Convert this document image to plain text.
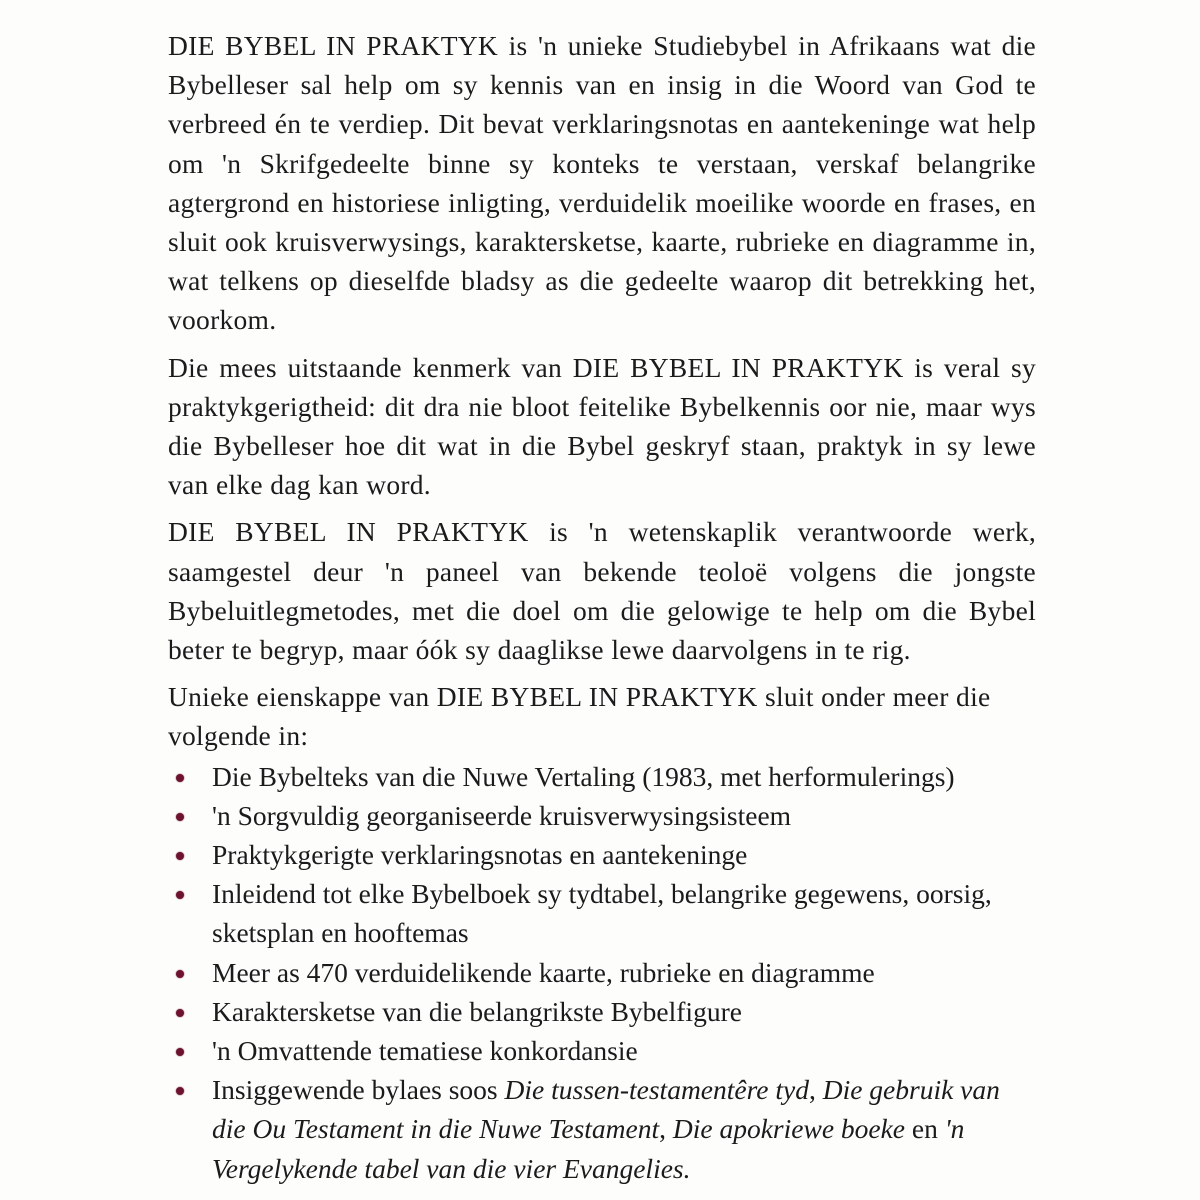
DIE BYBEL IN PRAKTYK is 'n unieke Studiebybel in Afrikaans wat die Bybelleser sal help om sy kennis van en insig in die Woord van God te verbreed én te verdiep. Dit bevat verklaringsnotas en aantekeninge wat help om 'n Skrifgedeelte binne sy konteks te verstaan, verskaf belangrike agtergrond en historiese inligting, verduidelik moeilike woorde en frases, en sluit ook kruisverwysings, karaktersketse, kaarte, rubrieke en diagramme in, wat telkens op dieselfde bladsy as die gedeelte waarop dit betrekking het, voorkom.

Die mees uitstaande kenmerk van DIE BYBEL IN PRAKTYK is veral sy praktykgerigtheid: dit dra nie bloot feitelike Bybelkennis oor nie, maar wys die Bybelleser hoe dit wat in die Bybel geskryf staan, praktyk in sy lewe van elke dag kan word.

DIE BYBEL IN PRAKTYK is 'n wetenskaplik verantwoorde werk, saamgestel deur 'n paneel van bekende teoloë volgens die jongste Bybeluitlegmetodes, met die doel om die gelowige te help om die Bybel beter te begryp, maar óók sy daaglikse lewe daarvolgens in te rig.

Unieke eienskappe van DIE BYBEL IN PRAKTYK sluit onder meer die volgende in:

Die Bybelteks van die Nuwe Vertaling (1983, met herformulerings)
'n Sorgvuldig georganiseerde kruisverwysingsisteem
Praktykgerigte verklaringsnotas en aantekeninge
Inleidend tot elke Bybelboek sy tydtabel, belangrike gegewens, oorsig, sketsplan en hooftemas
Meer as 470 verduidelikende kaarte, rubrieke en diagramme
Karaktersketse van die belangrikste Bybelfigure
'n Omvattende tematiese konkordansie
Insiggewende bylaes soos Die tussen-testamentêre tyd, Die gebruik van die Ou Testament in die Nuwe Testament, Die apokriewe boeke en 'n Vergelykende tabel van die vier Evangelies.
